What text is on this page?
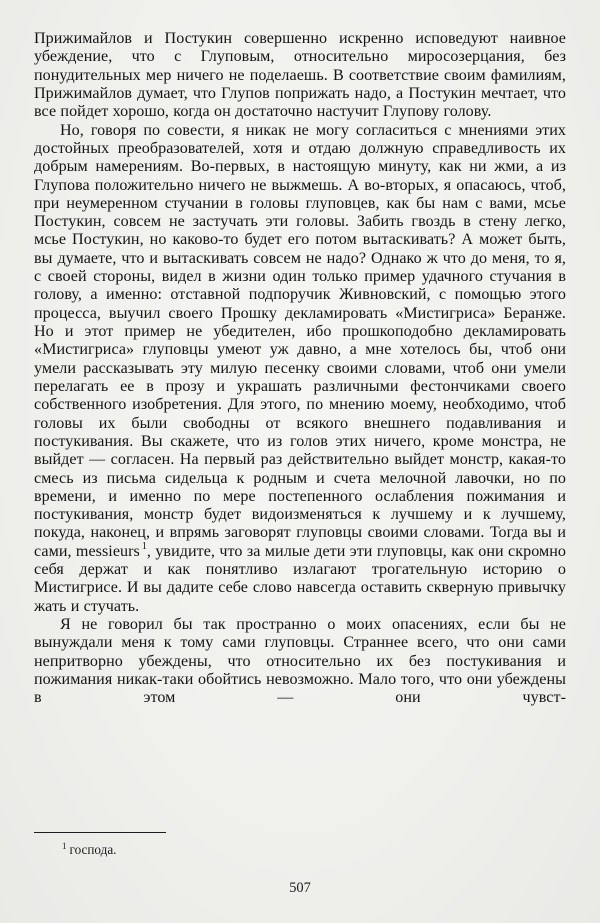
Прижимайлов и Постукин совершенно искренно исповедуют наивное убеждение, что с Глуповым, относительно миросозерцания, без понудительных мер ничего не поделаешь. В соответствие своим фамилиям, Прижимайлов думает, что Глупов поприжать надо, а Постукин мечтает, что все пойдет хорошо, когда он достаточно настучит Глупову голову.

Но, говоря по совести, я никак не могу согласиться с мнениями этих достойных преобразователей, хотя и отдаю должную справедливость их добрым намерениям. Во-первых, в настоящую минуту, как ни жми, а из Глупова положительно ничего не выжмешь. А во-вторых, я опасаюсь, чтоб, при неумеренном стучании в головы глуповцев, как бы нам с вами, мсье Постукин, совсем не застучать эти головы. Забить гвоздь в стену легко, мсье Постукин, но каково-то будет его потом вытаскивать? А может быть, вы думаете, что и вытаскивать совсем не надо? Однако ж что до меня, то я, с своей стороны, видел в жизни один только пример удачного стучания в голову, а именно: отставной подпоручик Живновский, с помощью этого процесса, выучил своего Прошку декламировать «Мистигриса» Беранже. Но и этот пример не убедителен, ибо прошкоподобно декламировать «Мистигриса» глуповцы умеют уж давно, а мне хотелось бы, чтоб они умели рассказывать эту милую песенку своими словами, чтоб они умели перелагать ее в прозу и украшать различными фестончиками своего собственного изобретения. Для этого, по мнению моему, необходимо, чтоб головы их были свободны от всякого внешнего подавливания и постукивания. Вы скажете, что из голов этих ничего, кроме монстра, не выйдет — согласен. На первый раз действительно выйдет монстр, какая-то смесь из письма сидельца к родным и счета мелочной лавочки, но по времени, и именно по мере постепенного ослабления пожимания и постукивания, монстр будет видоизменяться к лучшему и к лучшему, покуда, наконец, и впрямь заговорят глуповцы своими словами. Тогда вы и сами, messieurs $^1$, увидите, что за милые дети эти глуповцы, как они скромно себя держат и как понятливо излагают трогательную историю о Мистигрисе. И вы дадите себе слово навсегда оставить скверную привычку жать и стучать.

Я не говорил бы так пространно о моих опасениях, если бы не вынуждали меня к тому сами глуповцы. Страннее всего, что они сами непритворно убеждены, что относительно их без постукивания и пожимания никак-таки обойтись невозможно. Мало того, что они убеждены в этом — они чувст-

$^1$ господа.

507
